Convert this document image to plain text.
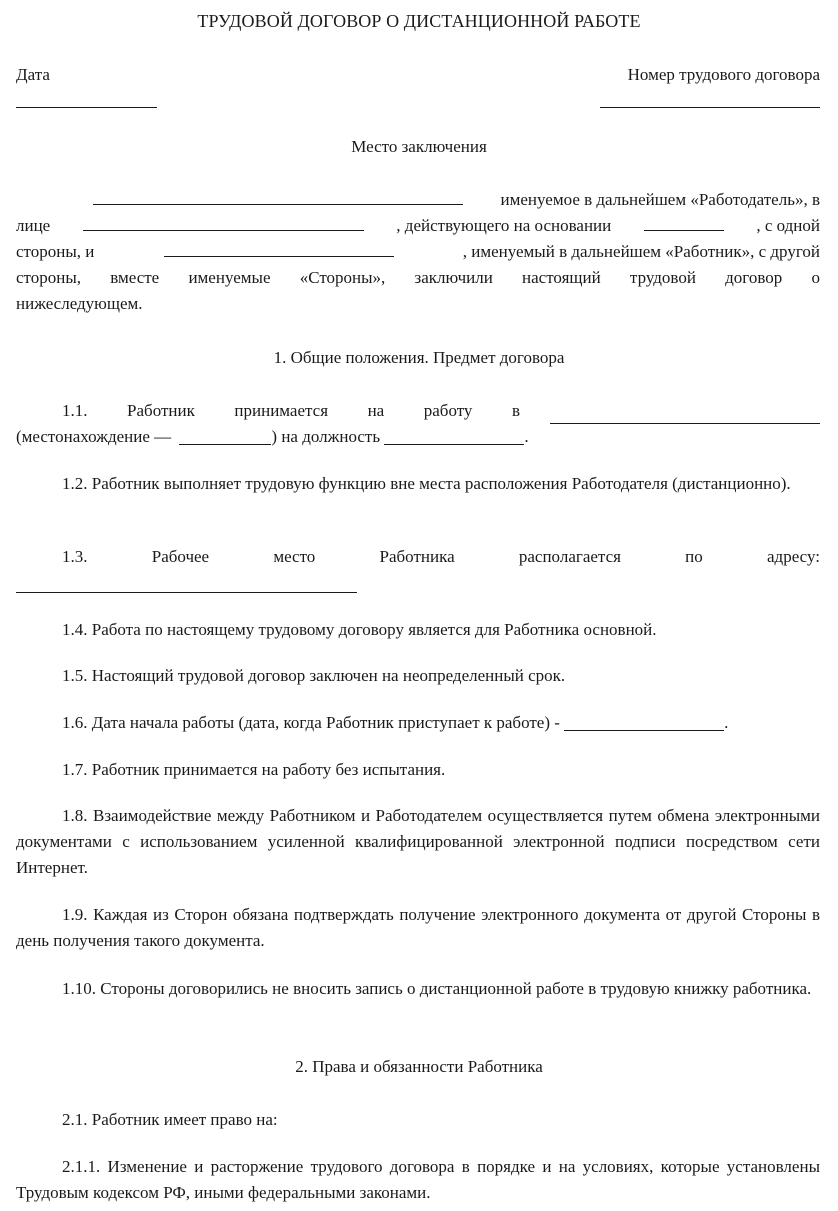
ТРУДОВОЙ ДОГОВОР О ДИСТАНЦИОННОЙ РАБОТЕ
Дата	Номер трудового договора
Место заключения
именуемое в дальнейшем «Работодатель», в
лице	, действующего на основании	, с одной
стороны, и	, именуемый в дальнейшем «Работник», с другой
стороны, вместе именуемые «Стороны», заключили настоящий трудовой договор о
нижеследующем.
1. Общие положения. Предмет договора
1.1. Работник принимается на работу в
(местонахождение —	) на должность	.
1.2. Работник выполняет трудовую функцию вне места расположения Работодателя (дистанционно).
1.3. Рабочее место Работника располагается по адресу:
1.4. Работа по настоящему трудовому договору является для Работника основной.
1.5. Настоящий трудовой договор заключен на неопределенный срок.
1.6. Дата начала работы (дата, когда Работник приступает к работе) -	.
1.7. Работник принимается на работу без испытания.
1.8. Взаимодействие между Работником и Работодателем осуществляется путем обмена электронными документами с использованием усиленной квалифицированной электронной подписи посредством сети Интернет.
1.9. Каждая из Сторон обязана подтверждать получение электронного документа от другой Стороны в день получения такого документа.
1.10. Стороны договорились не вносить запись о дистанционной работе в трудовую книжку работника.
2. Права и обязанности Работника
2.1. Работник имеет право на:
2.1.1. Изменение и расторжение трудового договора в порядке и на условиях, которые установлены Трудовым кодексом РФ, иными федеральными законами.
